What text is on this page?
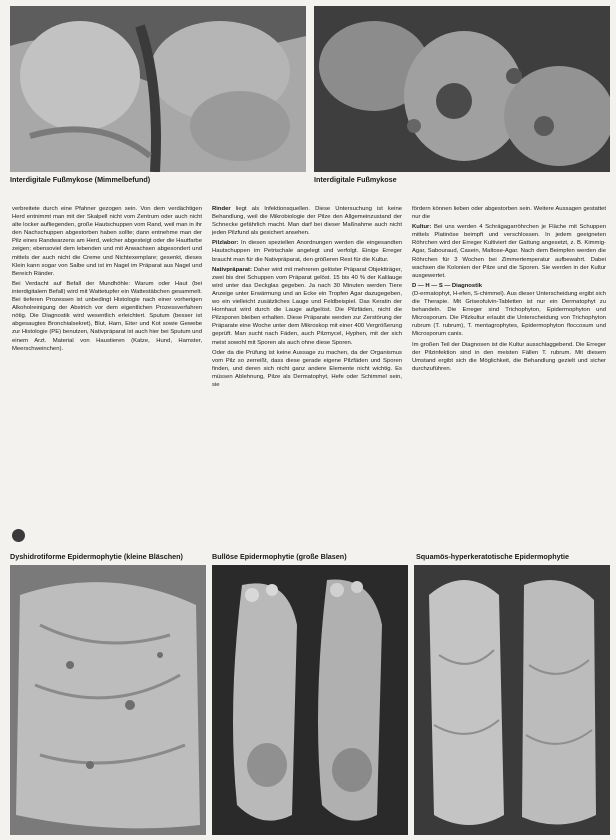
Interdigitale Fußmykose (Mimmelbefund)	Interdigitale Fußmykose

verbreitete durch eine Pfahner gezogen sein. Von dem verdächtigen Herd entnimmt man mit der Skalpell nicht vom Zentrum oder auch nicht alte locker aufliegenden, große Hautschuppen vom Rand, weil man in ihr den Nachschuppen abgestorben haben sollte; dann entnehme man der Pilz eines Randwarzens am Herd, welcher abgesteigt oder die Hautfarbe zeigen; ebensoviel dem lebenden und mit Anwachsen abgesondert und mittels der auch nicht die Creme und Nichtexemplare; gesenkt, dieses Klein kann sogar von Salbe und ist im Nagel im Präparat aus Nagel und Bereich Ränder.

Bei Verdacht auf Befall der Mundhöhle: Warum oder Haut (bei interdigitalem Befall) wird mit Wattetupfer ein Wattestäbchen gesammelt. Bei tieferen Prozessen ist unbedingt Histologie nach einer vorherigen Alkoholreinigung der Abstrich vor dem eigentlichen Prozessverfahren nötig. Die Diagnostik wird wesentlich erleichtert. Sputum (besser ist abgesaugtes Bronchialsekret), Blut, Harn, Eiter und Kot sowie Gewebe zur Histologie (PE) benutzen, Nativpräparat ist auch hier bei Sputum und einem Arzt. Material von Haustieren (Katze, Hund, Hamster, Meerschweinchen).

Rinder liegt als Infektionsquellen. Diese Untersuchung ist keine Behandlung, weil die Mikrobiologie der Pilze den Allgemeinzustand der Schnecke gefährlich macht. Man darf bei dieser Maßnahme auch nicht jeden Pilzfund als gesichert ansehen.

Pilzlabor: In diesen speziellen Anordnungen werden die eingesandten Hautschuppen im Petrischale angelegt und verfolgt. Einige Erreger braucht man für die Nativpräparat, den größeren Rest für die Kultur.

Nativpräparat: Daher wird mit mehreren gelöster Präparat Objektträger, zwei bis drei Schuppen vom Präparat gelöst. 15 bis 40 % der Kalilauge wird unter das Deckglas gegeben. Ja nach 30 Minuten werden Tiere Anzeige unter Erwärmung und an Ecke ein Tropfen Agar dazugegeben, wo ein vielleicht zusätzliches Lauge und Feldbeispiel. Das Keratin der Hornhaut wird durch die Lauge aufgelöst. Die Pilzfäden, nicht die Pilzsporen bleiben erhalten. Diese Präparate werden zur Zerstörung der Präparate eine Woche unter dem Mikroskop mit einer 400 Vergrößerung geprüft. Man sucht nach Fäden, auch Pilzmycel, Hyphen, mit der sich meist sowohl mit Sporen als auch ohne diese Sporen.

Oder da die Prüfung ist keine Aussage zu machen, da der Organismus vom Pilz so zerreißt, dass diese gerade eigene Pilzfäden und Sporen finden, und deren sich nicht ganz andere Elemente nicht wichtig. Es müssen Ablehnung, Pilze als Dermatophyt, Hefe oder Schimmel sein, sie

fördern können lieben oder abgestorben sein. Weitere Aussagen gestattet nur die

Kultur: Bei uns werden 4 Schrägagarröhrchen je Fläche mit Schuppen mittels Platinöse beimpft und verschlossen. In jedem geeigneten Röhrchen wird der Erreger Kultiviert der Gattung angesetzt, z. B. Kimmig-Agar, Sabouraud, Casein, Maltose-Agar. Nach dem Beimpfen werden die Röhrchen für 3 Wochen bei Zimmertemperatur aufbewahrt. Dabei wachsen die Kolonien der Pilze und die Sporen. Sie werden in der Kultur ausgewertet.

D — H — S — Diagnostik
(D-ermatophyt, H-efen, S-chimmel). Aus dieser Unterscheidung ergibt sich die Therapie. Mit Griseofulvin-Tabletten ist nur ein Dermatophyt zu behandeln. Die Erreger sind Trichophyton, Epidermophyton und Microsporum. Die Pilzkultur erlaubt die Unterscheidung von Trichophyton rubrum (T. rubrum), T. mentagrophytes, Epidermophyton floccosum und Microsporum canis.

Im großen Teil der Diagnosen ist die Kultur ausschlaggebend. Die Erreger der Pilzinfektion sind in den meisten Fällen T. rubrum. Mit diesem Umstand ergibt sich die Möglichkeit, die Behandlung gezielt und sicher durchzuführen.

Dyshidrotiforme Epidermophytie (kleine Bläschen)	Bullöse Epidermophytie (große Blasen)	Squamös-hyperkeratotische Epidermophytie
